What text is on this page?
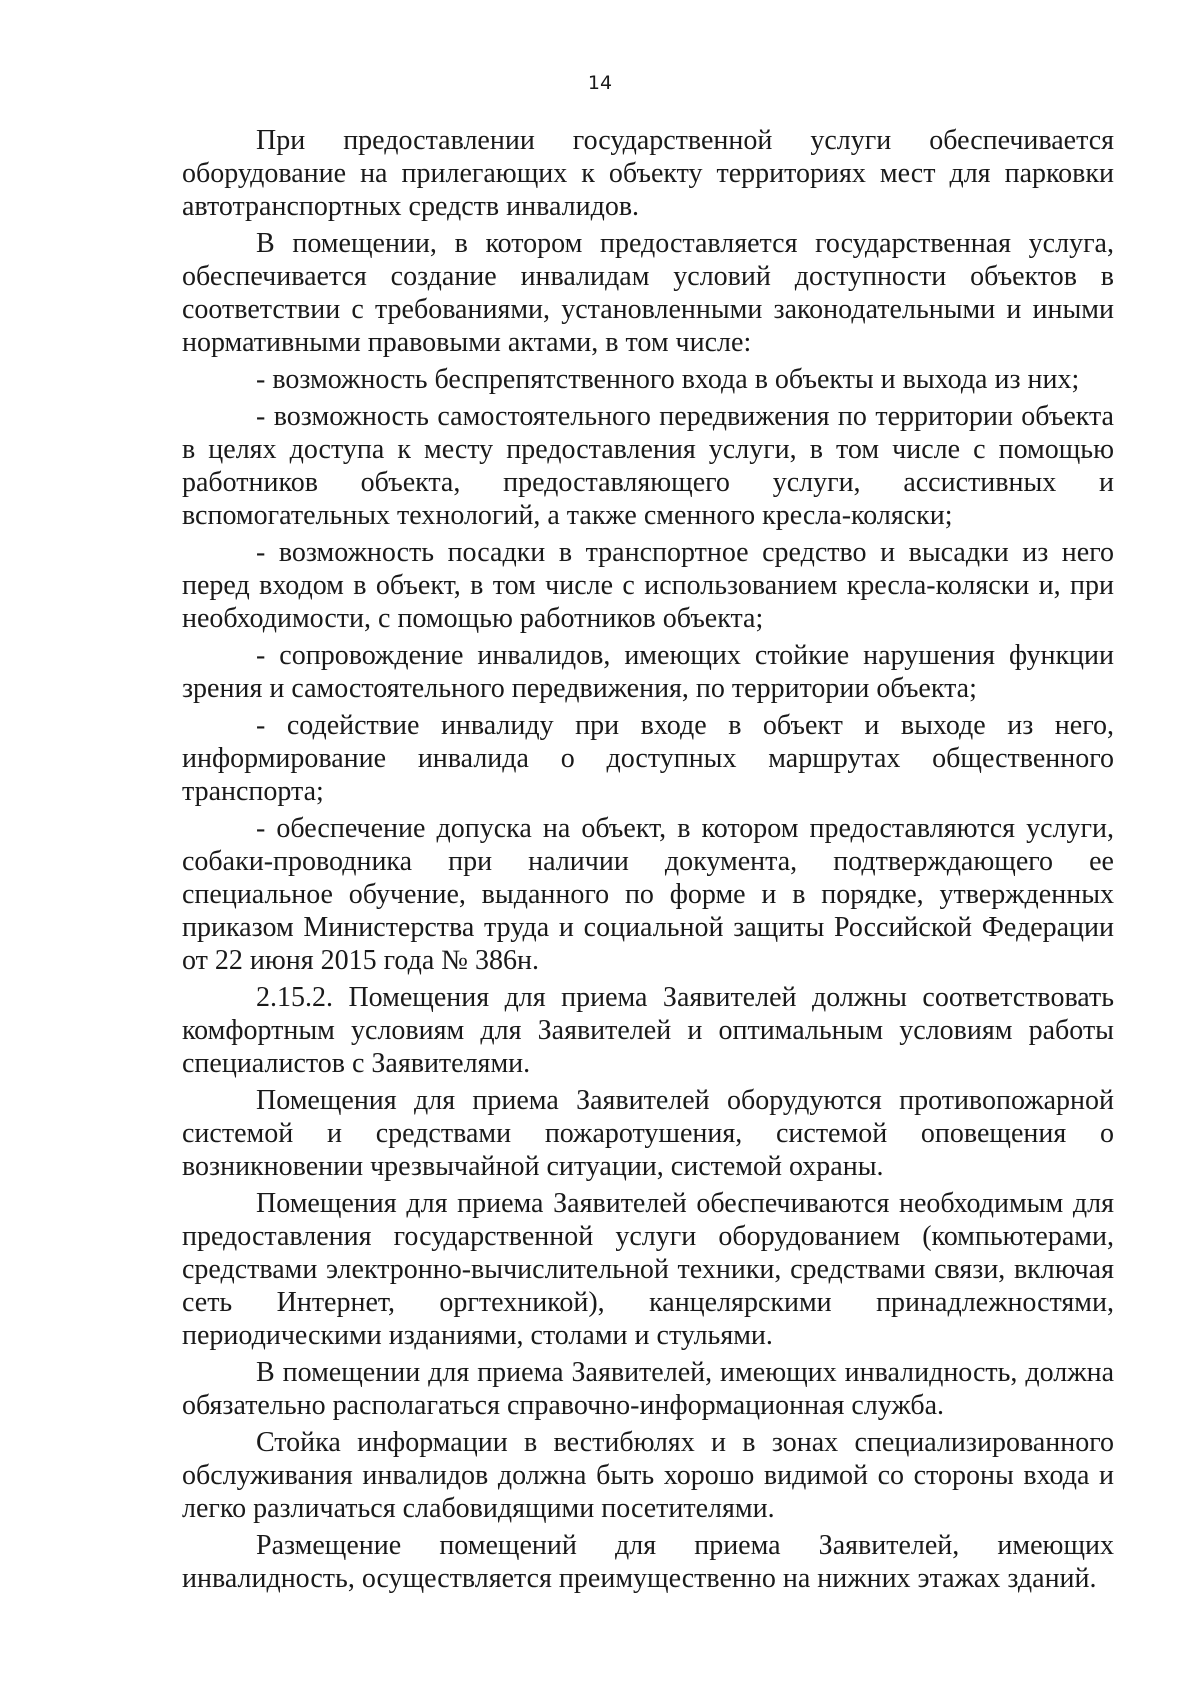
14

При предоставлении государственной услуги обеспечивается оборудование на прилегающих к объекту территориях мест для парковки автотранспортных средств инвалидов.

В помещении, в котором предоставляется государственная услуга, обеспечивается создание инвалидам условий доступности объектов в соответствии с требованиями, установленными законодательными и иными нормативными правовыми актами, в том числе:

- возможность беспрепятственного входа в объекты и выхода из них;

- возможность самостоятельного передвижения по территории объекта в целях доступа к месту предоставления услуги, в том числе с помощью работников объекта, предоставляющего услуги, ассистивных и вспомогательных технологий, а также сменного кресла-коляски;

- возможность посадки в транспортное средство и высадки из него перед входом в объект, в том числе с использованием кресла-коляски и, при необходимости, с помощью работников объекта;

- сопровождение инвалидов, имеющих стойкие нарушения функции зрения и самостоятельного передвижения, по территории объекта;

- содействие инвалиду при входе в объект и выходе из него, информирование инвалида о доступных маршрутах общественного транспорта;

- обеспечение допуска на объект, в котором предоставляются услуги, собаки-проводника при наличии документа, подтверждающего ее специальное обучение, выданного по форме и в порядке, утвержденных приказом Министерства труда и социальной защиты Российской Федерации от 22 июня 2015 года № 386н.

2.15.2. Помещения для приема Заявителей должны соответствовать комфортным условиям для Заявителей и оптимальным условиям работы специалистов с Заявителями.

Помещения для приема Заявителей оборудуются противопожарной системой и средствами пожаротушения, системой оповещения о возникновении чрезвычайной ситуации, системой охраны.

Помещения для приема Заявителей обеспечиваются необходимым для предоставления государственной услуги оборудованием (компьютерами, средствами электронно-вычислительной техники, средствами связи, включая сеть Интернет, оргтехникой), канцелярскими принадлежностями, периодическими изданиями, столами и стульями.

В помещении для приема Заявителей, имеющих инвалидность, должна обязательно располагаться справочно-информационная служба.

Стойка информации в вестибюлях и в зонах специализированного обслуживания инвалидов должна быть хорошо видимой со стороны входа и легко различаться слабовидящими посетителями.

Размещение помещений для приема Заявителей, имеющих инвалидность, осуществляется преимущественно на нижних этажах зданий.
